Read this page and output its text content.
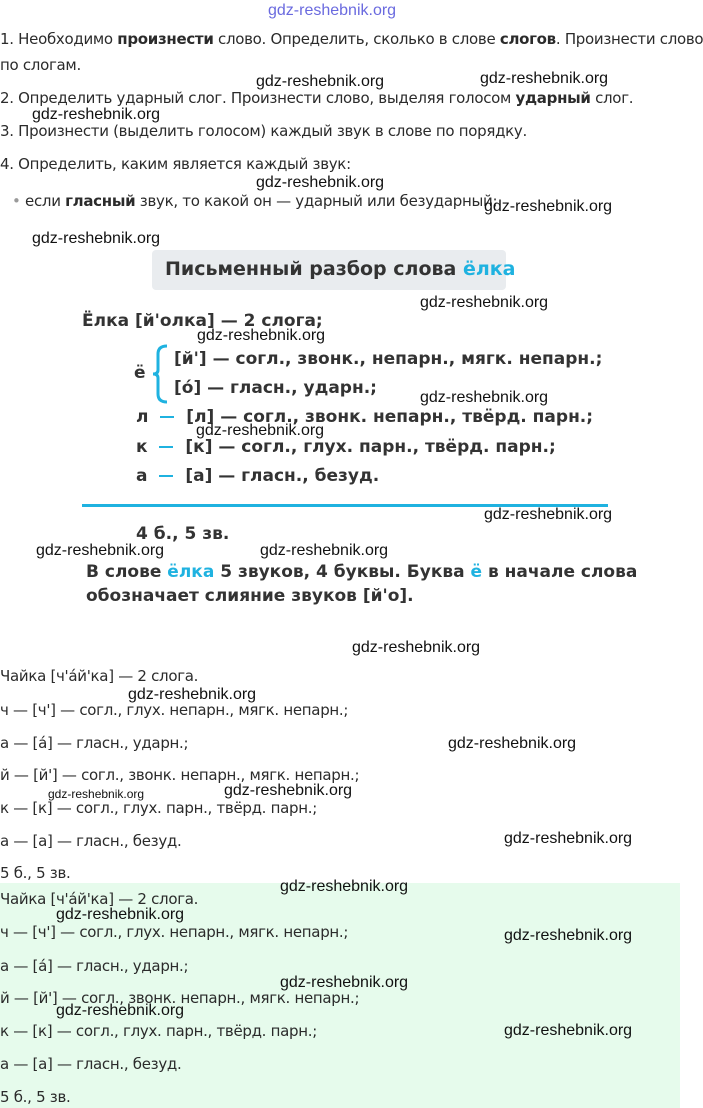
gdz-reshebnik.org
1. Необходимо произнести слово. Определить, сколько в слове слогов. Произнести слово
по слогам.
gdz-reshebnik.org	gdz-reshebnik.org
2. Определить ударный слог. Произнести слово, выделяя голосом ударный слог.
gdz-reshebnik.org
3. Произнести (выделить голосом) каждый звук в слове по порядку.
4. Определить, каким является каждый звук:
gdz-reshebnik.org
• если гласный звук, то какой он — ударный или безударный;
gdz-reshebnik.org
gdz-reshebnik.org
Письменный разбор слова ёлка
gdz-reshebnik.org
Ёлка [й'олка] — 2 слога;
gdz-reshebnik.org
ё
[й'] — согл., звонк., непарн., мягк. непарн.;
[о́] — гласн., ударн.;	gdz-reshebnik.org
л [л] — согл., звонк. непарн., твёрд. парн.;
gdz-reshebnik.org
к [к] — согл., глух. парн., твёрд. парн.;
а [а] — гласн., безуд.
gdz-reshebnik.org
4 б., 5 зв.
gdz-reshebnik.org	gdz-reshebnik.org
В слове ёлка 5 звуков, 4 буквы. Буква ё в начале слова
обозначает слияние звуков [й'о].
gdz-reshebnik.org
Чайка [ч'а́й'ка] — 2 слога.
gdz-reshebnik.org
ч — [ч'] — согл., глух. непарн., мягк. непарн.;
а — [а́] — гласн., ударн.;	gdz-reshebnik.org
й — [й'] — согл., звонк. непарн., мягк. непарн.;
gdz-reshebnik.org	gdz-reshebnik.org
к — [к] — согл., глух. парн., твёрд. парн.;
а — [а] — гласн., безуд.	gdz-reshebnik.org
5 б., 5 зв.
gdz-reshebnik.org
Чайка [ч'а́й'ка] — 2 слога.
gdz-reshebnik.org
ч — [ч'] — согл., глух. непарн., мягк. непарн.;	gdz-reshebnik.org
а — [а́] — гласн., ударн.;
gdz-reshebnik.org
й — [й'] — согл., звонк. непарн., мягк. непарн.;
gdz-reshebnik.org
к — [к] — согл., глух. парн., твёрд. парн.;	gdz-reshebnik.org
а — [а] — гласн., безуд.
5 б., 5 зв.
